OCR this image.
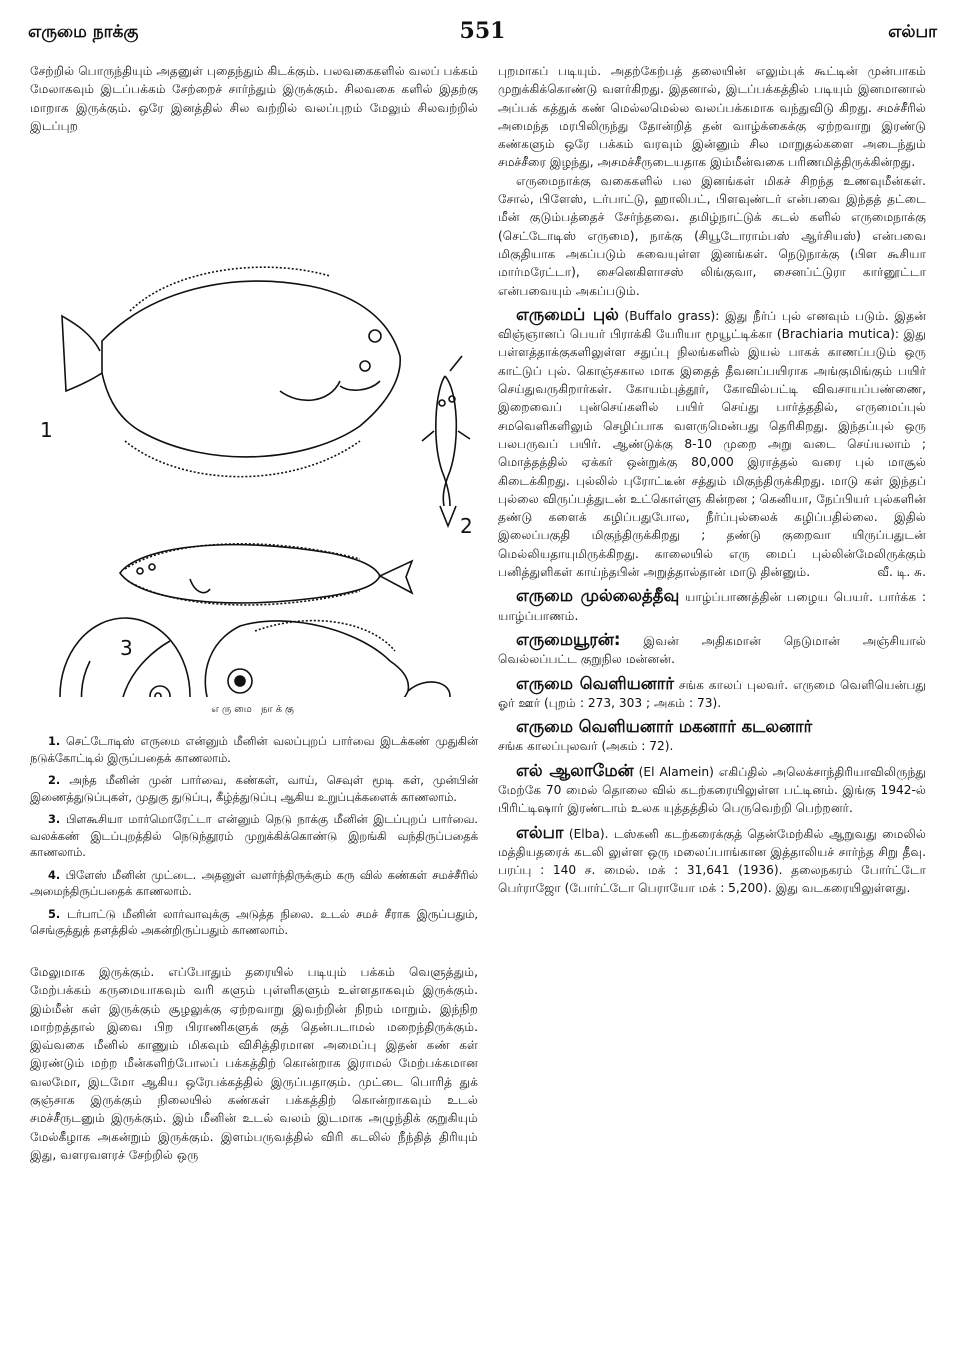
எருமை நாக்கு	551	எல்பா

சேற்றில் பொருந்தியும் அதனுள் புதைந்தும் கிடக்கும். பலவகைகளில் வலப் பக்கம் மேலாகவும் இடப்பக்கம் சேற்றைச் சார்ந்தும் இருக்கும். சிலவகை களில் இதற்கு மாறாக இருக்கும். ஒரே இனத்தில் சில வற்றில் வலப்புறம் மேலும் சிலவற்றில் இடப்புற

1
2
3
எருமை நாக்கு

1. செட்டோடிஸ் எருமை என்னும் மீனின் வலப்புறப் பார்வை இடக்கண் முதுகின் நடுக்கோட்டில் இருப்பதைக் காணலாம்.

2. அந்த மீனின் முன் பார்வை, கண்கள், வாய், செவுள் மூடி கள், முன்பின் இணைத்துடுப்புகள், முதுகு துடுப்பு, கீழ்த்துடுப்பு ஆகிய உறுப்புக்களைக் காணலாம்.

3. பிளகூசியா மார்மொரேட்டா என்னும் நெடு நாக்கு மீனின் இடப்புறப் பார்வை. வலக்கண் இடப்புறத்தில் நெடுந்தூரம் முறுக்கிக்கொண்டு இறங்கி வந்திருப்பதைக் காணலாம்.

4. பிளேஸ் மீனின் முட்டை. அதனுள் வளர்ந்திருக்கும் கரு வில் கண்கள் சமச்சீரில் அமைந்திருப்பதைக் காணலாம்.

5. டர்பாட்டு மீனின் லார்வாவுக்கு அடுத்த நிலை. உடல் சமச் சீராக இருப்பதும், செங்குத்துத் தளத்தில் அகன்றிருப்பதும் காணலாம்.

மேலுமாக இருக்கும். எப்போதும் தரையில் படியும் பக்கம் வெளுத்தும், மேற்பக்கம் கருமையாகவும் வரி களும் புள்ளிகளும் உள்ளதாகவும் இருக்கும். இம்மீன் கள் இருக்கும் சூழலுக்கு ஏற்றவாறு இவற்றின் நிறம் மாறும். இந்நிற மாற்றத்தால் இவை பிற பிராணிகளுக் குத் தென்படாமல் மறைந்திருக்கும். இவ்வகை மீனில் காணும் மிகவும் விசித்திரமான அமைப்பு இதன் கண் கள் இரண்டும் மற்ற மீன்களிற்போலப் பக்கத்திற் கொன்றாக இராமல் மேற்பக்கமான வலமோ, இடமோ ஆகிய ஒரேபக்கத்தில் இருப்பதாகும். முட்டை பொரித் துக் குஞ்சாக இருக்கும் நிலையில் கண்கள் பக்கத்திற் கொன்றாகவும் உடல் சமச்சீருடனும் இருக்கும். இம் மீனின் உடல் வலம் இடமாக அழுந்திக் குறுகியும் மேல்கீழாக அகன்றும் இருக்கும். இளம்பருவத்தில் விரி கடலில் நீந்தித் திரியும் இது, வளரவளரச் சேற்றில் ஒரு

புறமாகப் படியும். அதற்கேற்பத் தலையின் எலும்புக் கூட்டின் முன்பாகம் முறுக்கிக்கொண்டு வளர்கிறது. இதனால், இடப்பக்கத்தில் படியும் இனமானால் அப்பக் கத்துக் கண் மெல்லமெல்ல வலப்பக்கமாக வந்துவிடு கிறது. சமச்சீரில் அமைந்த மரபிலிருந்து தோன்றித் தன் வாழ்க்கைக்கு ஏற்றவாறு இரண்டு கண்களும் ஒரே பக்கம் வரவும் இன்னும் சில மாறுதல்களை அடைந்தும் சமச்சீரை இழந்து, அசமச்சீருடையதாக இம்மீன்வகை பரிணமித்திருக்கின்றது.

எருமைநாக்கு வகைகளில் பல இனங்கள் மிகச் சிறந்த உணவுமீன்கள். சோல், பிளேஸ், டர்பாட்டு, ஹாலிபட், பிளவுண்டர் என்பவை இந்தத் தட்டை மீன் குடும்பத்தைச் சேர்ந்தவை. தமிழ்நாட்டுக் கடல் களில் எருமைநாக்கு (செட்டோடிஸ் எருமை), நாக்கு (சியூடோராம்பஸ் ஆர்சியஸ்) என்பவை மிகுதியாக அகப்படும் சுவையுள்ள இனங்கள். நெடுநாக்கு (பிள கூசியா மார்மரேட்டா), சைனெகிளாசஸ் லிங்குவா, சைனப்ட்டுரா கார்னூட்டா என்பவையும் அகப்படும்.

எருமைப் புல் (Buffalo grass): இது நீர்ப் புல் எனவும் படும். இதன் விஞ்ஞானப் பெயர் பிராக்கி யேரியா மூயூட்டிக்கா (Brachiaria mutica): இது பள்ளத்தாக்குகளிலுள்ள சதுப்பு நிலங்களில் இயல் பாகக் காணப்படும் ஒரு காட்டுப் புல். கொஞ்சகால மாக இதைத் தீவனப்பயிராக அங்குமிங்கும் பயிர் செய்துவருகிறார்கள். கோயம்புத்தூர், கோவில்பட்டி விவசாயப்பண்ணை, இறைவைப் புன்செய்களில் பயிர் செய்து பார்த்ததில், எருமைப்புல் சமவெளிகளிலும் செழிப்பாக வளருமென்பது தெரிகிறது. இந்தப்புல் ஒரு பலபருவப் பயிர். ஆண்டுக்கு 8-10 முறை அறு வடை செய்யலாம் ; மொத்தத்தில் ஏக்கர் ஒன்றுக்கு 80,000 இராத்தல் வரை புல் மாசூல் கிடைக்கிறது. புல்லில் புரோட்டீன் சத்தும் மிகுந்திருக்கிறது. மாடு கள் இந்தப் புல்லை விருப்பத்துடன் உட்கொள்ளு கின்றன ; கெனியா, நேப்பியர் புல்களின் தண்டு களைக் கழிப்பதுபோல, நீர்ப்புல்லைக் கழிப்பதில்லை. இதில் இலைப்பகுதி மிகுந்திருக்கிறது ; தண்டு குறைவா யிருப்பதுடன் மெல்லியதாயுமிருக்கிறது. காலையில் எரு மைப் புல்லின்மேலிருக்கும் பனித்துளிகள் காய்ந்தபின் அறுத்தால்தான் மாடு தின்னும்.	வீ. டி. சு.

எருமை முல்லைத்தீவு யாழ்ப்பாணத்தின் பழைய பெயர். பார்க்க : யாழ்ப்பாணம்.

எருமையூரன்: இவன் அதிகமான் நெடுமான் அஞ்சியால் வெல்லப்பட்ட குறுநில மன்னன்.

எருமை வெளியனார் சங்க காலப் புலவர். எருமை வெளியென்பது ஓர் ஊர் (புறம் : 273, 303 ; அகம் : 73).

எருமை வெளியனார் மகனார் கடலனார்
சங்க காலப்புலவர் (அகம் : 72).

எல் ஆலாமேன் (El Alamein) எகிப்தில் அலெக்சாந்திரியாவிலிருந்து மேற்கே 70 மைல் தொலை வில் கடற்கரையிலுள்ள பட்டினம். இங்கு 1942-ல் பிரிட்டிஷார் இரண்டாம் உலக யுத்தத்தில் பெருவெற்றி பெற்றனர்.

எல்பா (Elba). டஸ்கனி கடற்கரைக்குத் தென்மேற்கில் ஆறுவது மைலில் மத்தியதரைக் கடலி லுள்ள ஒரு மலைப்பாங்கான இத்தாலியச் சார்ந்த சிறு தீவு. பரப்பு : 140 ச. மைல். மக் : 31,641 (1936). தலைநகரம் போர்ட்டோ பெர்ராஜோ (போர்ட்டோ பெராயோ மக் : 5,200). இது வடகரையிலுள்ளது.
